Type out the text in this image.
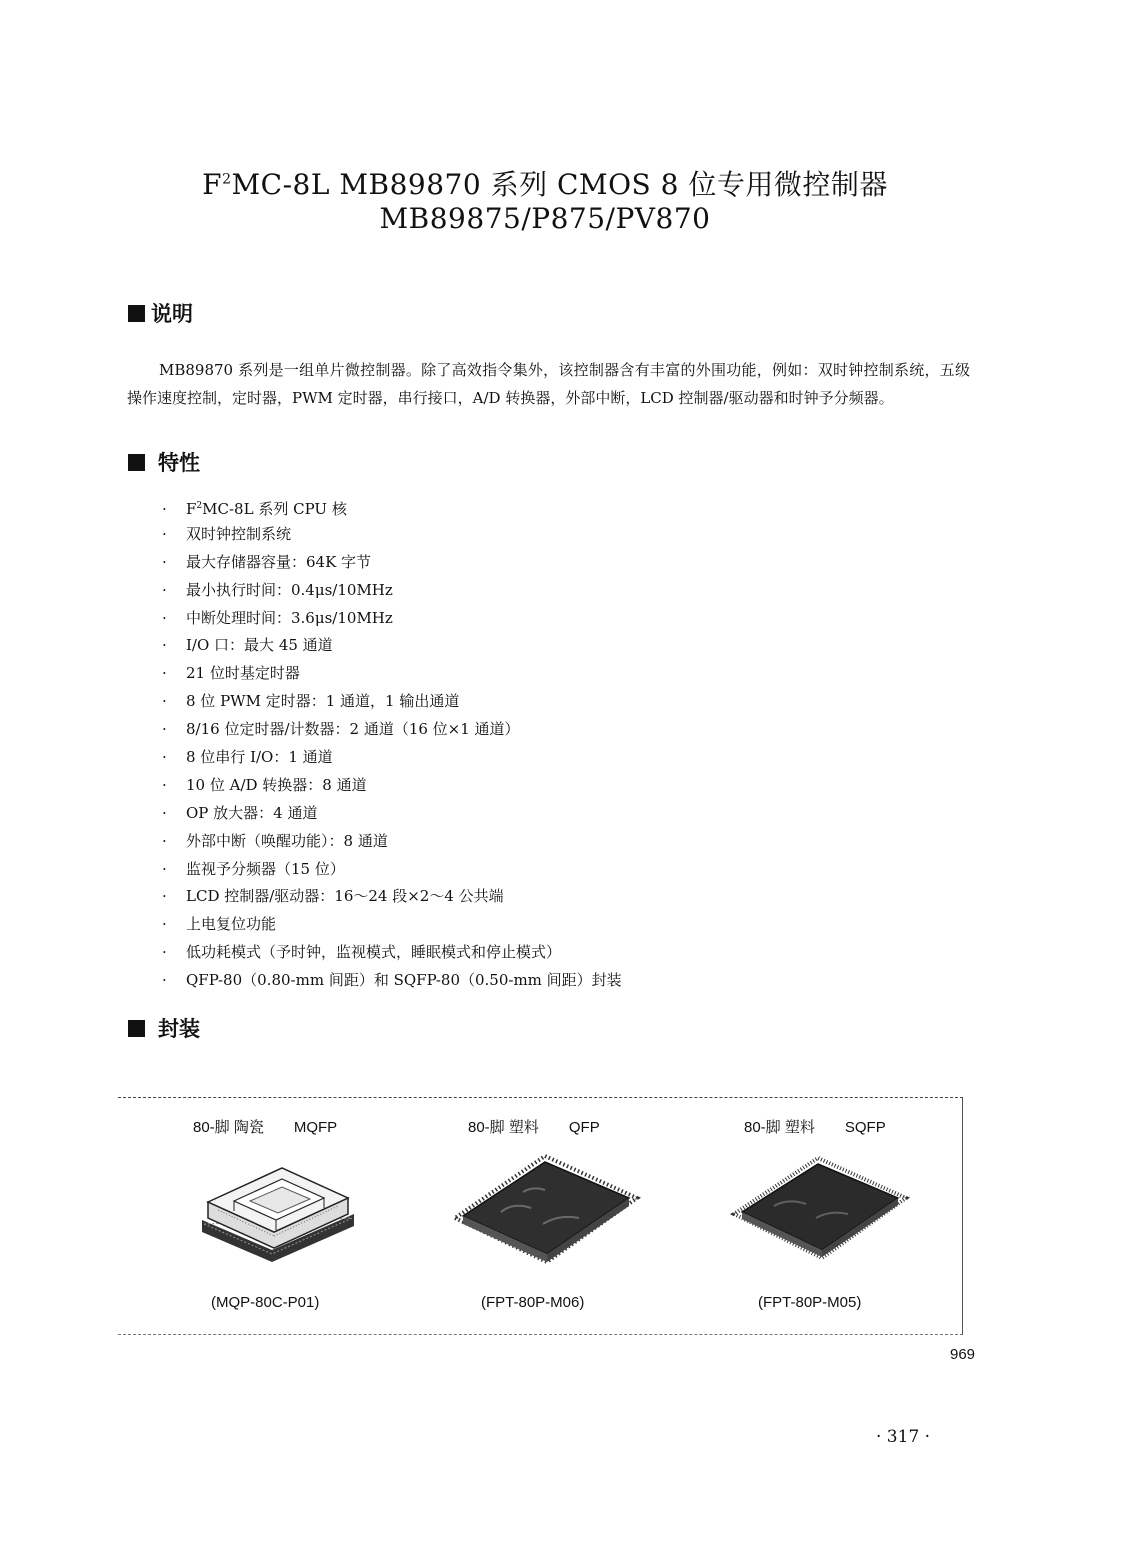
$F^2MC-8L$ MB89870 系列 CMOS 8 位专用微控制器
MB89875/P875/PV870
说明

MB89870 系列是一组单片微控制器。除了高效指令集外，该控制器含有丰富的外围功能，例如：双时钟控制系统，五级操作速度控制，定时器，PWM 定时器，串行接口，A/D 转换器，外部中断，LCD 控制器/驱动器和时钟予分频器。

特性
· $F^2MC-8L$ 系列 CPU 核
· 双时钟控制系统
· 最大存储器容量：64K 字节
· 最小执行时间：0.4μs/10MHz
· 中断处理时间：3.6μs/10MHz
· I/O 口：最大 45 通道
· 21 位时基定时器
· 8 位 PWM 定时器：1 通道，1 输出通道
· 8/16 位定时器/计数器：2 通道（16 位×1 通道）
· 8 位串行 I/O：1 通道
· 10 位 A/D 转换器：8 通道
· OP 放大器：4 通道
· 外部中断（唤醒功能）：8 通道
· 监视予分频器（15 位）
· LCD 控制器/驱动器：16～24 段×2～4 公共端
· 上电复位功能
· 低功耗模式（予时钟，监视模式，睡眠模式和停止模式）
· QFP-80（0.80-mm 间距）和 SQFP-80（0.50-mm 间距）封装
封装
80-脚 陶瓷 MQFP
(MQP-80C-P01)
80-脚 塑料 QFP
(FPT-80P-M06)
80-脚 塑料 SQFP
(FPT-80P-M05)
969
· 317 ·
